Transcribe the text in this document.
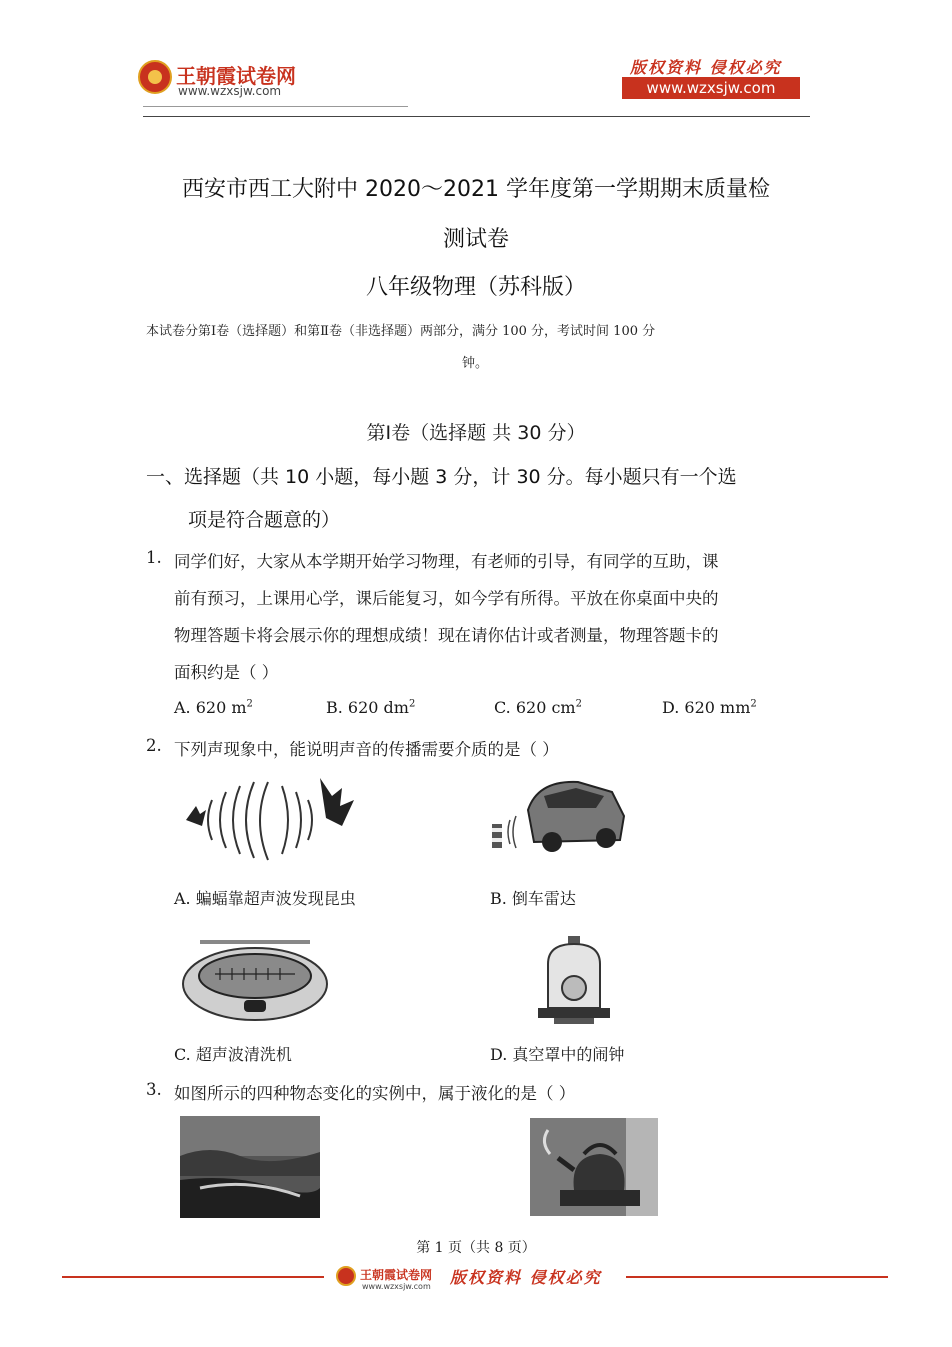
王朝霞试卷网
www.wzxsjw.com
版权资料 侵权必究
www.wzxsjw.com
西安市西工大附中 2020～2021 学年度第一学期期末质量检
测试卷
八年级物理（苏科版）
本试卷分第Ⅰ卷（选择题）和第Ⅱ卷（非选择题）两部分，满分 100 分，考试时间 100 分
钟。
第Ⅰ卷（选择题 共 30 分）
一、选择题（共 10 小题，每小题 3 分，计 30 分。每小题只有一个选
项是符合题意的）
1. 同学们好，大家从本学期开始学习物理，有老师的引导，有同学的互助，课
前有预习，上课用心学，课后能复习，如今学有所得。平放在你桌面中央的
物理答题卡将会展示你的理想成绩！现在请你估计或者测量，物理答题卡的
面积约是（ ）
A. 620 $m^2$	B. 620 $dm^2$	C. 620 $cm^2$	D. 620 $mm^2$
2. 下列声现象中，能说明声音的传播需要介质的是（ ）
A. 蝙蝠靠超声波发现昆虫	B. 倒车雷达
C. 超声波清洗机	D. 真空罩中的闹钟
3. 如图所示的四种物态变化的实例中，属于液化的是（ ）
第 1 页（共 8 页）
王朝霞试卷网
www.wzxsjw.com 版权资料 侵权必究
